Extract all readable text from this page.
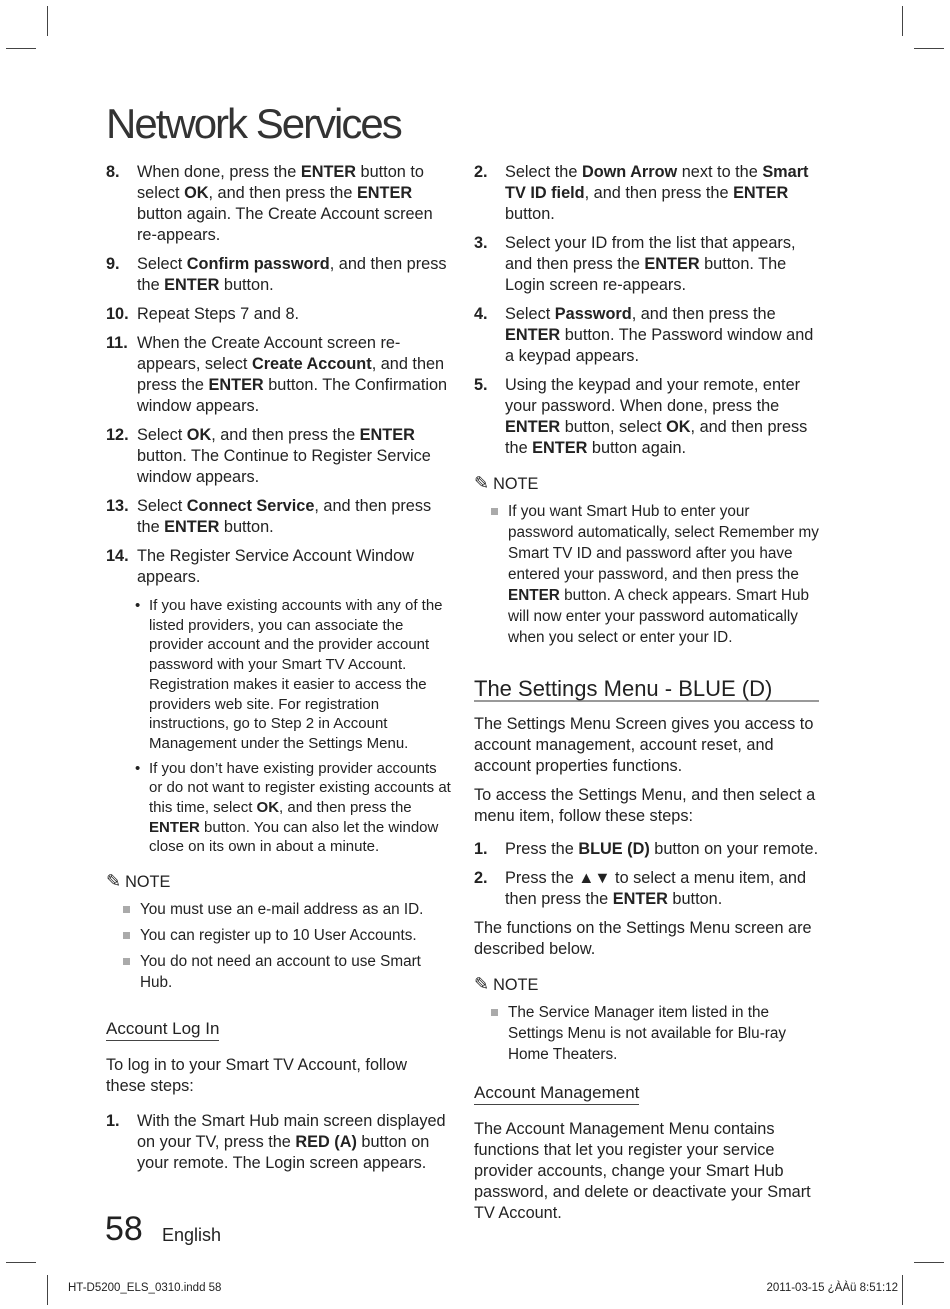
Network Services
8. When done, press the ENTER button to select OK, and then press the ENTER button again. The Create Account screen re-appears.
9. Select Confirm password, and then press the ENTER button.
10. Repeat Steps 7 and 8.
11. When the Create Account screen re-appears, select Create Account, and then press the ENTER button. The Confirmation window appears.
12. Select OK, and then press the ENTER button. The Continue to Register Service window appears.
13. Select Connect Service, and then press the ENTER button.
14. The Register Service Account Window appears.
• If you have existing accounts with any of the listed providers, you can associate the provider account and the provider account password with your Smart TV Account. Registration makes it easier to access the providers web site. For registration instructions, go to Step 2 in Account Management under the Settings Menu.
• If you don’t have existing provider accounts or do not want to register existing accounts at this time, select OK, and then press the ENTER button. You can also let the window close on its own in about a minute.
✎ NOTE
You must use an e-mail address as an ID.
You can register up to 10 User Accounts.
You do not need an account to use Smart Hub.
Account Log In
To log in to your Smart TV Account, follow these steps:
1. With the Smart Hub main screen displayed on your TV, press the RED (A) button on your remote. The Login screen appears.
2. Select the Down Arrow next to the Smart TV ID field, and then press the ENTER button.
3. Select your ID from the list that appears, and then press the ENTER button. The Login screen re-appears.
4. Select Password, and then press the ENTER button. The Password window and a keypad appears.
5. Using the keypad and your remote, enter your password. When done, press the ENTER button, select OK, and then press the ENTER button again.
✎ NOTE
If you want Smart Hub to enter your password automatically, select Remember my Smart TV ID and password after you have entered your password, and then press the ENTER button. A check appears. Smart Hub will now enter your password automatically when you select or enter your ID.
The Settings Menu - BLUE (D)
The Settings Menu Screen gives you access to account management, account reset, and account properties functions.
To access the Settings Menu, and then select a menu item, follow these steps:
1. Press the BLUE (D) button on your remote.
2. Press the ▲▼ to select a menu item, and then press the ENTER button.
The functions on the Settings Menu screen are described below.
✎ NOTE
The Service Manager item listed in the Settings Menu is not available for Blu-ray Home Theaters.
Account Management
The Account Management Menu contains functions that let you register your service provider accounts, change your Smart Hub password, and delete or deactivate your Smart TV Account.
58 English
HT-D5200_ELS_0310.indd 58	2011-03-15 ¿ÀÀü 8:51:12
